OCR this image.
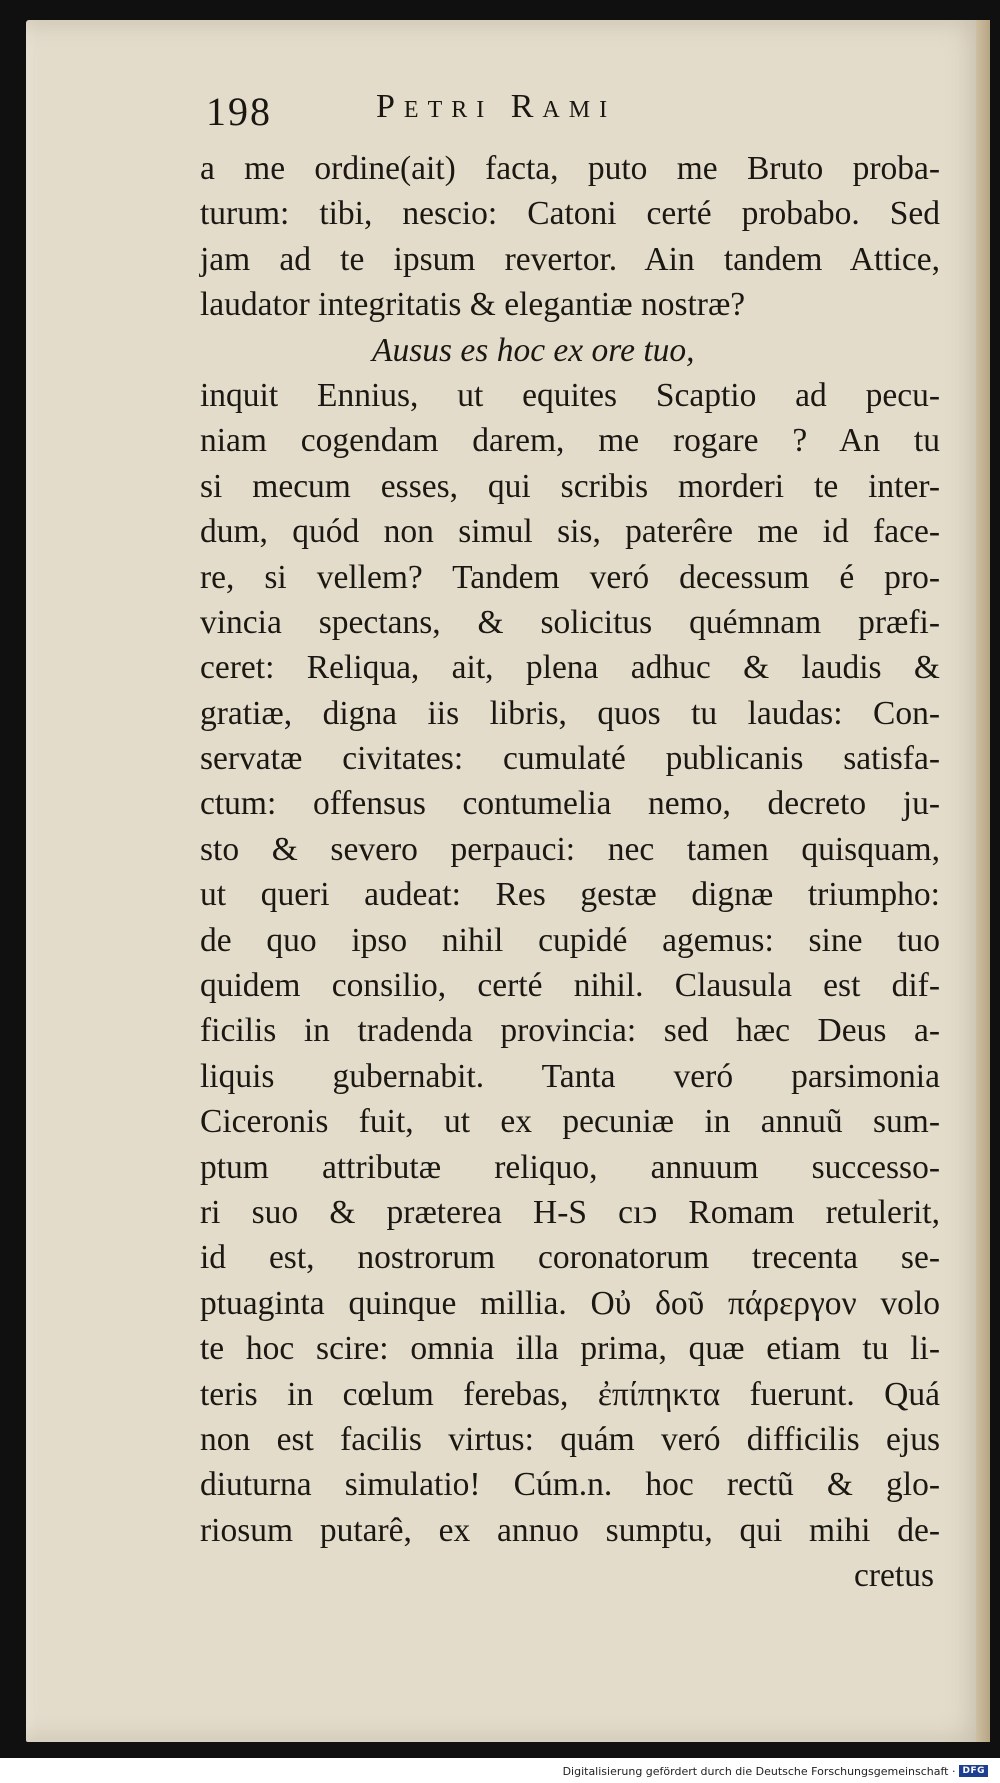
198	Petri Rami
a me ordine(ait) facta, puto me Bruto proba-
turum: tibi, nescio: Catoni certé probabo. Sed
jam ad te ipsum revertor. Ain tandem Attice,
laudator integritatis & elegantiæ nostræ?
Ausus es hoc ex ore tuo,
inquit Ennius, ut equites Scaptio ad pecu-
niam cogendam darem, me rogare ? An tu
si mecum esses, qui scribis morderi te inter-
dum, quód non simul sis, paterêre me id face-
re, si vellem? Tandem veró decessum é pro-
vincia spectans, & solicitus quémnam præfi-
ceret: Reliqua, ait, plena adhuc & laudis &
gratiæ, digna iis libris, quos tu laudas: Con-
servatæ civitates: cumulaté publicanis satisfa-
ctum: offensus contumelia nemo, decreto ju-
sto & severo perpauci: nec tamen quisquam,
ut queri audeat: Res gestæ dignæ triumpho:
de quo ipso nihil cupidé agemus: sine tuo
quidem consilio, certé nihil. Clausula est dif-
ficilis in tradenda provincia: sed hæc Deus a-
liquis gubernabit. Tanta veró parsimonia
Ciceronis fuit, ut ex pecuniæ in annuũ sum-
ptum attributæ reliquo, annuum successo-
ri suo & præterea H-S cıↄ Romam retulerit,
id est, nostrorum coronatorum trecenta se-
ptuaginta quinque millia. Οὐ δοῦ πάρεργον volo
te hoc scire: omnia illa prima, quæ etiam tu li-
teris in cœlum ferebas, ἐπίπηκτα fuerunt. Quá
non est facilis virtus: quám veró difficilis ejus
diuturna simulatio! Cúm.n. hoc rectũ & glo-
riosum putarê, ex annuo sumptu, qui mihi de-
cretus
Digitalisierung gefördert durch die Deutsche Forschungsgemeinschaft · DFG
